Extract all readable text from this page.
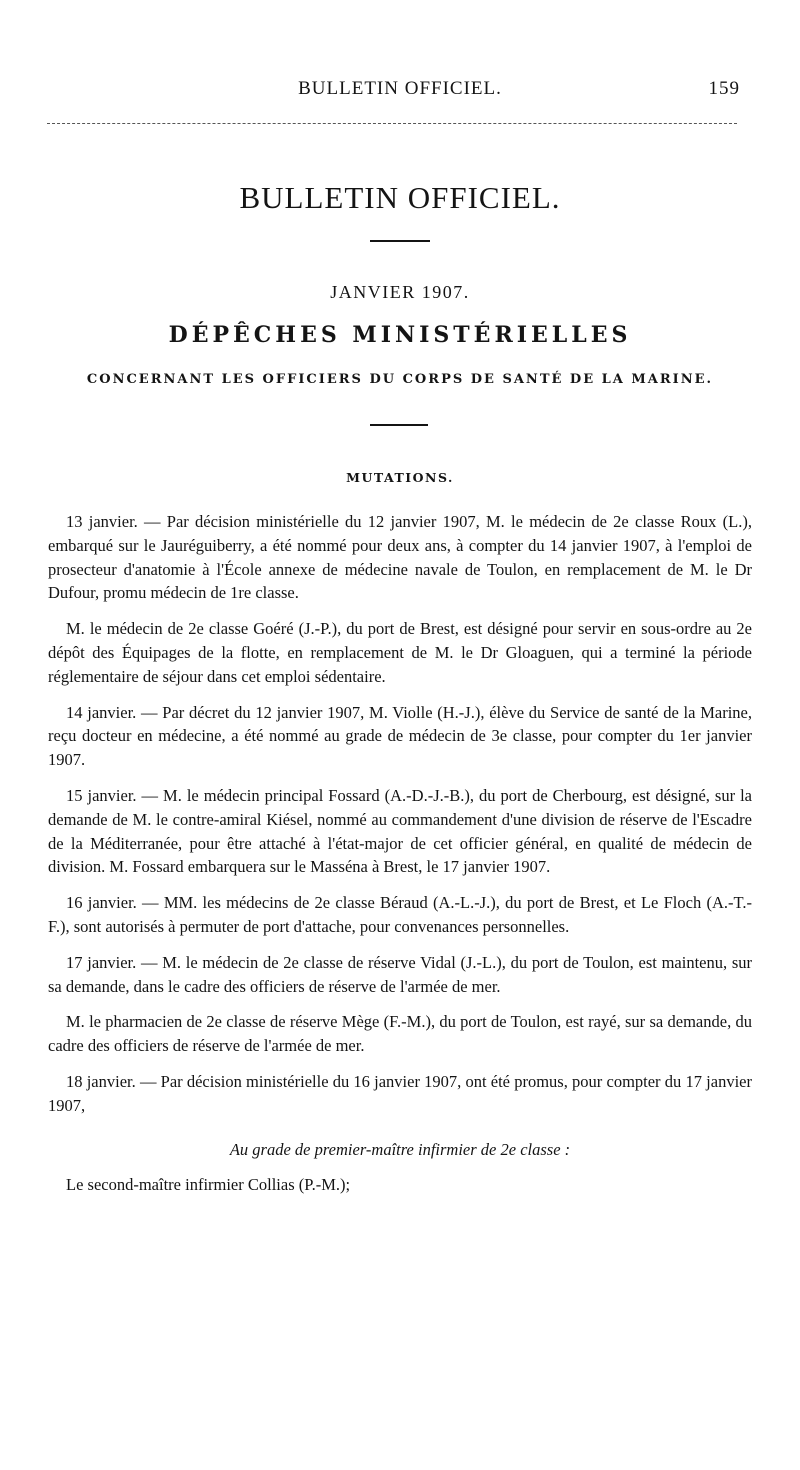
BULLETIN OFFICIEL.	159
BULLETIN OFFICIEL.
JANVIER 1907.
DÉPÊCHES MINISTÉRIELLES
CONCERNANT LES OFFICIERS DU CORPS DE SANTÉ DE LA MARINE.
MUTATIONS.

13 janvier. — Par décision ministérielle du 12 janvier 1907, M. le médecin de 2e classe Roux (L.), embarqué sur le Jauréguiberry, a été nommé pour deux ans, à compter du 14 janvier 1907, à l'emploi de prosecteur d'anatomie à l'École annexe de médecine navale de Toulon, en remplacement de M. le Dr Dufour, promu médecin de 1re classe.

M. le médecin de 2e classe Goéré (J.-P.), du port de Brest, est désigné pour servir en sous-ordre au 2e dépôt des Équipages de la flotte, en remplacement de M. le Dr Gloaguen, qui a terminé la période réglementaire de séjour dans cet emploi sédentaire.

14 janvier. — Par décret du 12 janvier 1907, M. Violle (H.-J.), élève du Service de santé de la Marine, reçu docteur en médecine, a été nommé au grade de médecin de 3e classe, pour compter du 1er janvier 1907.

15 janvier. — M. le médecin principal Fossard (A.-D.-J.-B.), du port de Cherbourg, est désigné, sur la demande de M. le contre-amiral Kiésel, nommé au commandement d'une division de réserve de l'Escadre de la Méditerranée, pour être attaché à l'état-major de cet officier général, en qualité de médecin de division. M. Fossard embarquera sur le Masséna à Brest, le 17 janvier 1907.

16 janvier. — MM. les médecins de 2e classe Béraud (A.-L.-J.), du port de Brest, et Le Floch (A.-T.-F.), sont autorisés à permuter de port d'attache, pour convenances personnelles.

17 janvier. — M. le médecin de 2e classe de réserve Vidal (J.-L.), du port de Toulon, est maintenu, sur sa demande, dans le cadre des officiers de réserve de l'armée de mer.

M. le pharmacien de 2e classe de réserve Mège (F.-M.), du port de Toulon, est rayé, sur sa demande, du cadre des officiers de réserve de l'armée de mer.

18 janvier. — Par décision ministérielle du 16 janvier 1907, ont été promus, pour compter du 17 janvier 1907,

Au grade de premier-maître infirmier de 2e classe :

Le second-maître infirmier Collias (P.-M.);
